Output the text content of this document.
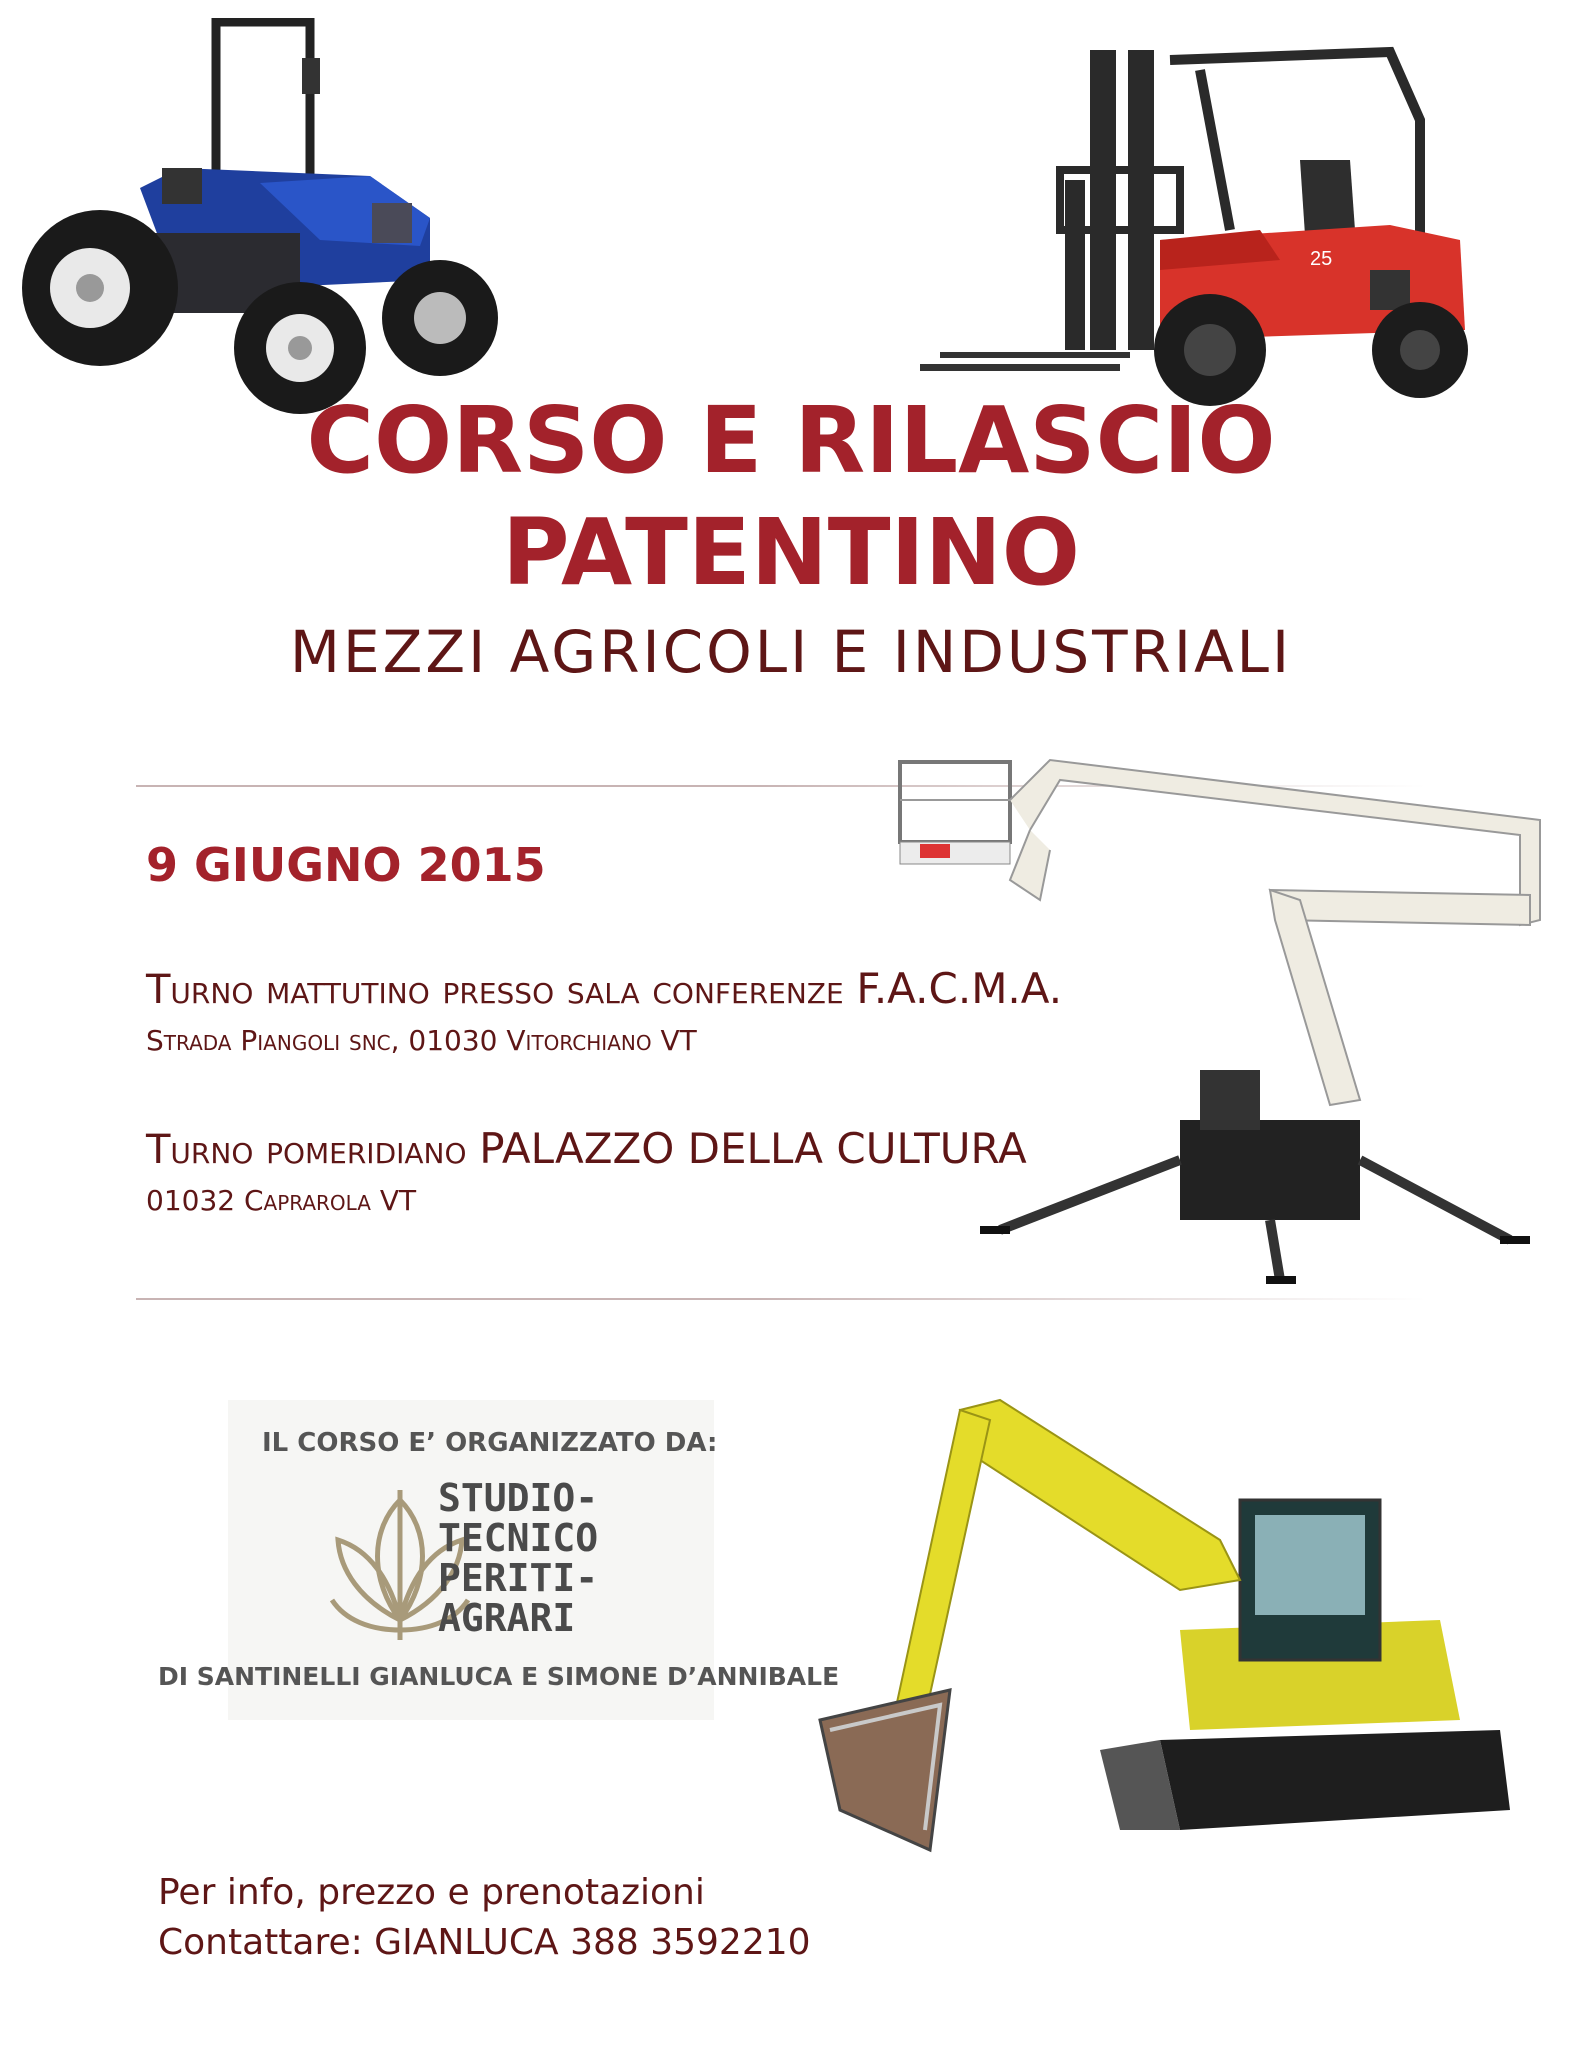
25
CORSO E RILASCIO
PATENTINO
MEZZI AGRICOLI E INDUSTRIALI
9 GIUGNO 2015
Turno mattutino presso sala conferenze F.A.C.M.A.
Strada Piangoli snc, 01030 Vitorchiano VT
Turno pomeridiano PALAZZO DELLA CULTURA
01032 Caprarola VT
IL CORSO E’ ORGANIZZATO DA:
STUDIO-
TECNICO
PERITI-
AGRARI
DI SANTINELLI GIANLUCA E SIMONE D’ANNIBALE
Per info, prezzo e prenotazioni
Contattare: GIANLUCA 388 3592210
